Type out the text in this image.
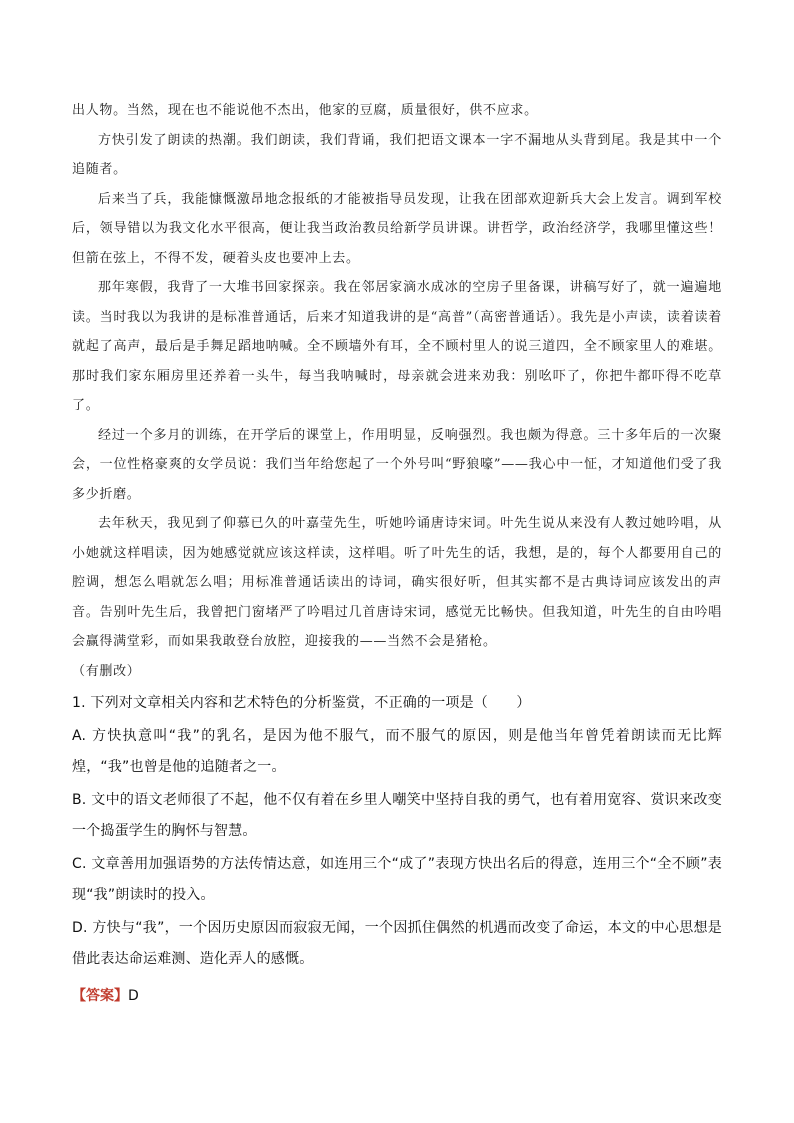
出人物。当然，现在也不能说他不杰出，他家的豆腐，质量很好，供不应求。

方快引发了朗读的热潮。我们朗读，我们背诵，我们把语文课本一字不漏地从头背到尾。我是其中一个追随者。

后来当了兵，我能慷慨激昂地念报纸的才能被指导员发现，让我在团部欢迎新兵大会上发言。调到军校后，领导错以为我文化水平很高，便让我当政治教员给新学员讲课。讲哲学，政治经济学，我哪里懂这些！但箭在弦上，不得不发，硬着头皮也要冲上去。

那年寒假，我背了一大堆书回家探亲。我在邻居家滴水成冰的空房子里备课，讲稿写好了，就一遍遍地读。当时我以为我讲的是标准普通话，后来才知道我讲的是“高普”（高密普通话）。我先是小声读，读着读着就起了高声，最后是手舞足蹈地呐喊。全不顾墙外有耳，全不顾村里人的说三道四，全不顾家里人的难堪。那时我们家东厢房里还养着一头牛，每当我呐喊时，母亲就会进来劝我：别吆吓了，你把牛都吓得不吃草了。

经过一个多月的训练，在开学后的课堂上，作用明显，反响强烈。我也颇为得意。三十多年后的一次聚会，一位性格豪爽的女学员说：我们当年给您起了一个外号叫“野狼嚎”——我心中一怔，才知道他们受了我多少折磨。

去年秋天，我见到了仰慕已久的叶嘉莹先生，听她吟诵唐诗宋词。叶先生说从来没有人教过她吟唱，从小她就这样唱读，因为她感觉就应该这样读，这样唱。听了叶先生的话，我想，是的，每个人都要用自己的腔调，想怎么唱就怎么唱；用标准普通话读出的诗词，确实很好听，但其实都不是古典诗词应该发出的声音。告别叶先生后，我曾把门窗堵严了吟唱过几首唐诗宋词，感觉无比畅快。但我知道，叶先生的自由吟唱会赢得满堂彩，而如果我敢登台放腔，迎接我的——当然不会是猪枪。

（有删改）

1. 下列对文章相关内容和艺术特色的分析鉴赏，不正确的一项是（　　）

A. 方快执意叫“我”的乳名，是因为他不服气，而不服气的原因，则是他当年曾凭着朗读而无比辉煌，“我”也曾是他的追随者之一。

B. 文中的语文老师很了不起，他不仅有着在乡里人嘲笑中坚持自我的勇气，也有着用宽容、赏识来改变一个捣蛋学生的胸怀与智慧。

C. 文章善用加强语势的方法传情达意，如连用三个“成了”表现方快出名后的得意，连用三个“全不顾”表现“我”朗读时的投入。

D. 方快与“我”，一个因历史原因而寂寂无闻，一个因抓住偶然的机遇而改变了命运，本文的中心思想是借此表达命运难测、造化弄人的感慨。

【答案】D
